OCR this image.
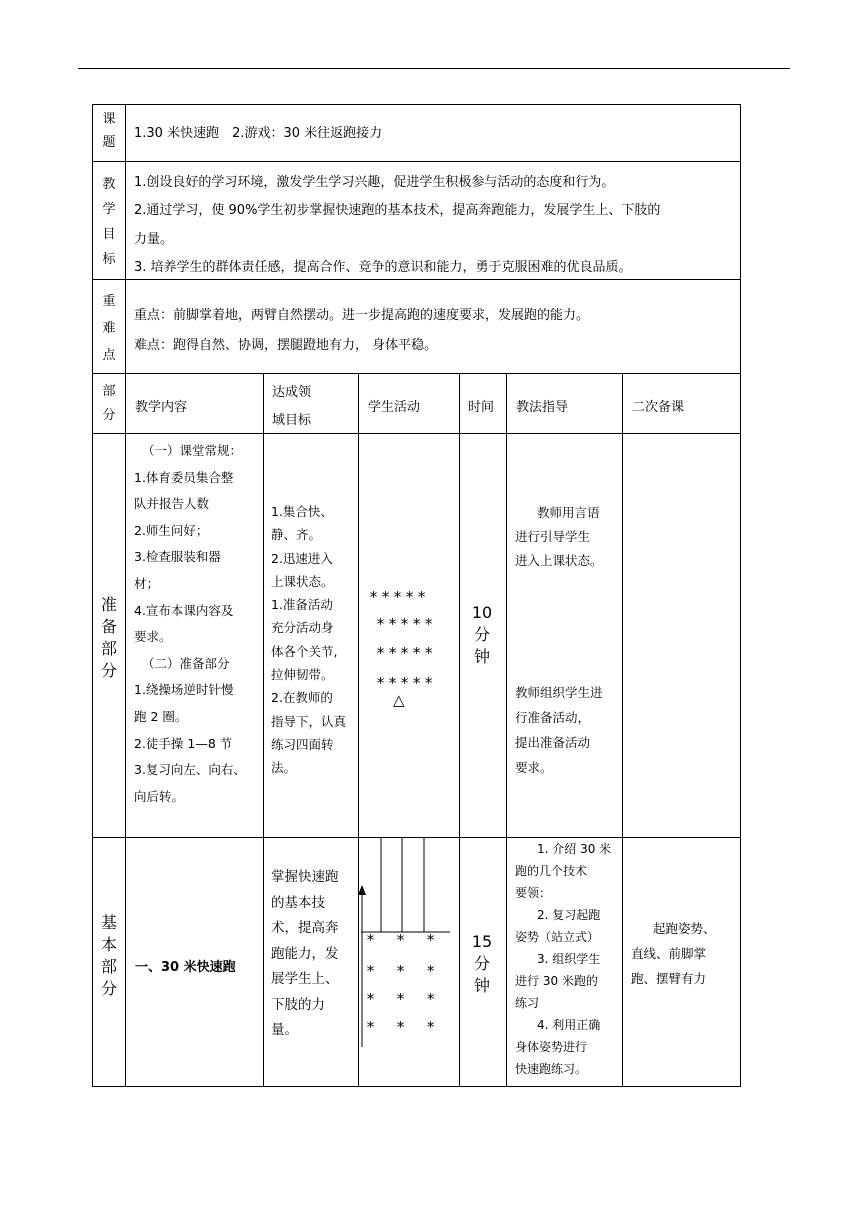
课
题
1.30 米快速跑　2.游戏：30 米往返跑接力
教
学
目
标
1.创设良好的学习环境，激发学生学习兴趣，促进学生积极参与活动的态度和行为。
2.通过学习，使 90%学生初步掌握快速跑的基本技术，提高奔跑能力，发展学生上、下肢的
力量。
3. 培养学生的群体责任感，提高合作、竞争的意识和能力，勇于克服困难的优良品质。
重
难
点
重点：前脚掌着地，两臂自然摆动。进一步提高跑的速度要求，发展跑的能力。
难点：跑得自然、协调，摆腿蹬地有力， 身体平稳。
部
分
教学内容
达成领
域目标
学生活动	时间 教法指导	二次备课
准
备
部
分
（一）课堂常规：
1.体育委员集合整
队并报告人数
2.师生问好；
3.检查服装和器
材；
4.宣布本课内容及
要求。
（二）准备部分
1.绕操场逆时针慢
跑 2 圈。
2.徒手操 1—8 节
3.复习向左、向右、
向后转。
1.集合快、
静、齐。
2.迅速进入
上课状态。
1.准备活动
充分活动身
体各个关节,
拉伸韧带。
2.在教师的
指导下，认真
练习四面转
法。
*****
*****
*****
*****
△
10
分
钟
教师用言语
进行引导学生
进入上课状态。
教师组织学生进
行准备活动，
提出准备活动
要求。
基
本
部
分
一、30 米快速跑
掌握快速跑
的基本技
术，提高奔
跑能力，发
展学生上、
下肢的力
量。
* * *
* * *
* * *
* * *
15
分
钟
1. 介绍 30 米
跑的几个技术
要领：
2. 复习起跑
姿势（站立式）
3. 组织学生
进行 30 米跑的
练习
4. 利用正确
身体姿势进行
快速跑练习。
起跑姿势、
直线、前脚掌
跑、摆臂有力
